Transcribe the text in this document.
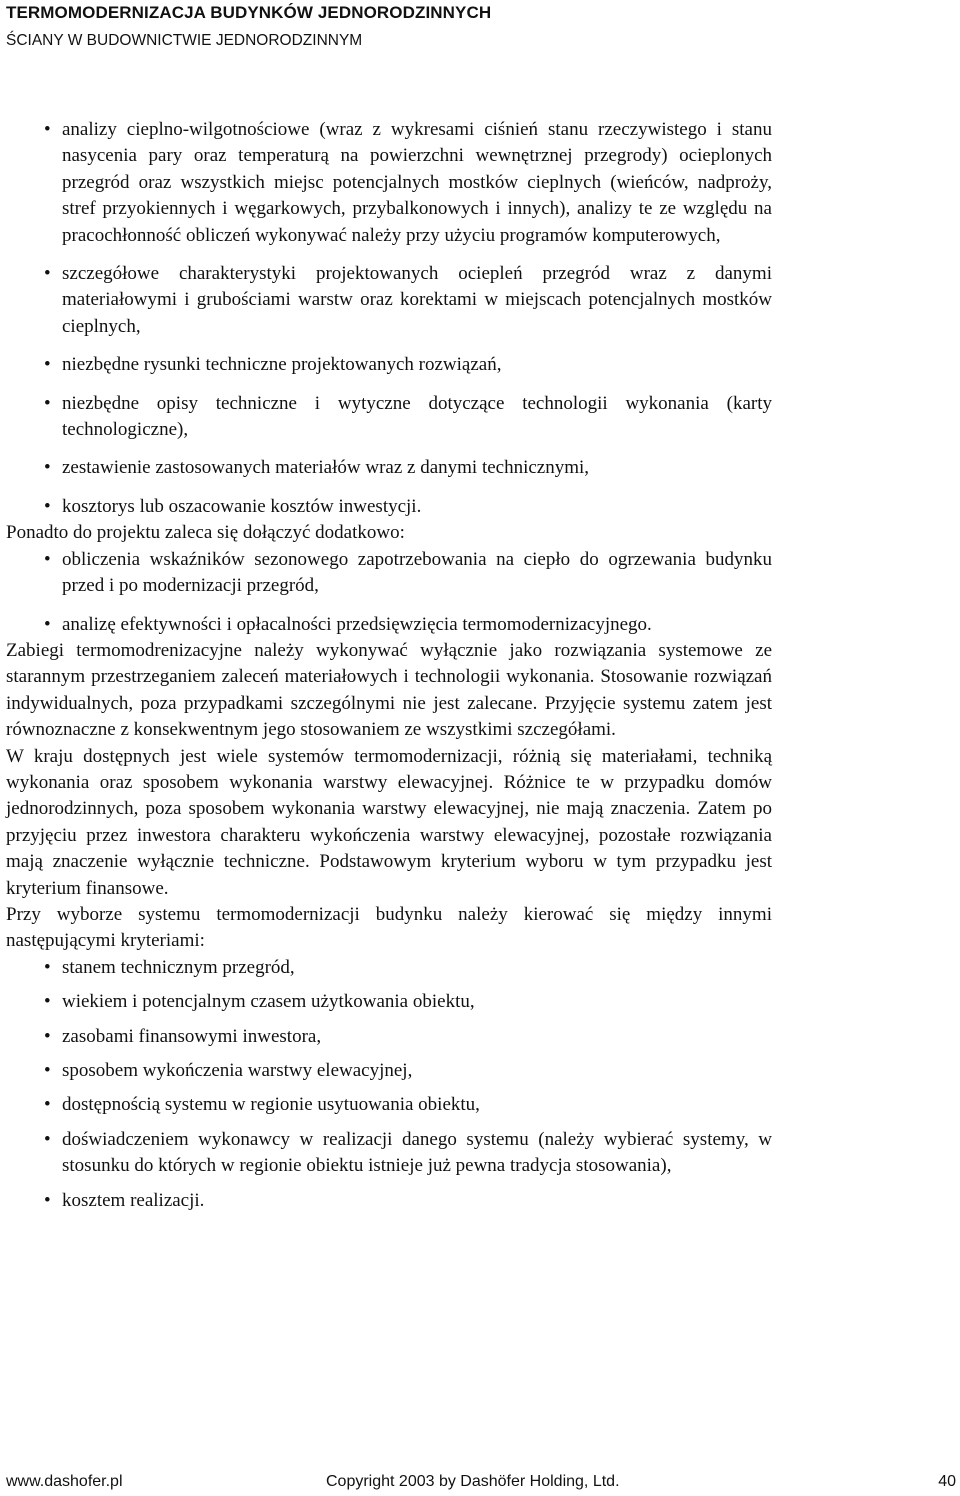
TERMOMODERNIZACJA BUDYNKÓW JEDNORODZINNYCH
ŚCIANY W BUDOWNICTWIE JEDNORODZINNYM
• analizy cieplno-wilgotnościowe (wraz z wykresami ciśnień stanu rzeczywistego i stanu nasycenia pary oraz temperaturą na powierzchni wewnętrznej przegrody) ocieplonych przegród oraz wszystkich miejsc potencjalnych mostków cieplnych (wieńców, nadproży, stref przyokiennych i węgarkowych, przybalkonowych i innych), analizy te ze względu na pracochłonność obliczeń wykonywać należy przy użyciu programów komputerowych,
• szczegółowe charakterystyki projektowanych ociepleń przegród wraz z danymi materiałowymi i grubościami warstw oraz korektami w miejscach potencjalnych mostków cieplnych,
• niezbędne rysunki techniczne projektowanych rozwiązań,
• niezbędne opisy techniczne i wytyczne dotyczące technologii wykonania (karty technologiczne),
• zestawienie zastosowanych materiałów wraz z danymi technicznymi,
• kosztorys lub oszacowanie kosztów inwestycji.

Ponadto do projektu zaleca się dołączyć dodatkowo:

• obliczenia wskaźników sezonowego zapotrzebowania na ciepło do ogrzewania budynku przed i po modernizacji przegród,
• analizę efektywności i opłacalności przedsięwzięcia termomodernizacyjnego.

Zabiegi termomodrenizacyjne należy wykonywać wyłącznie jako rozwiązania systemowe ze starannym przestrzeganiem zaleceń materiałowych i technologii wykonania. Stosowanie rozwiązań indywidualnych, poza przypadkami szczególnymi nie jest zalecane. Przyjęcie systemu zatem jest równoznaczne z konsekwentnym jego stosowaniem ze wszystkimi szczegółami.

W kraju dostępnych jest wiele systemów termomodernizacji, różnią się materiałami, techniką wykonania oraz sposobem wykonania warstwy elewacyjnej. Różnice te w przypadku domów jednorodzinnych, poza sposobem wykonania warstwy elewacyjnej, nie mają znaczenia. Zatem po przyjęciu przez inwestora charakteru wykończenia warstwy elewacyjnej, pozostałe rozwiązania mają znaczenie wyłącznie techniczne. Podstawowym kryterium wyboru w tym przypadku jest kryterium finansowe.

Przy wyborze systemu termomodernizacji budynku należy kierować się między innymi następującymi kryteriami:

• stanem technicznym przegród,
• wiekiem i potencjalnym czasem użytkowania obiektu,
• zasobami finansowymi inwestora,
• sposobem wykończenia warstwy elewacyjnej,
• dostępnością systemu w regionie usytuowania obiektu,
• doświadczeniem wykonawcy w realizacji danego systemu (należy wybierać systemy, w stosunku do których w regionie obiektu istnieje już pewna tradycja stosowania),
• kosztem realizacji.
www.dashofer.pl	Copyright 2003 by Dashöfer Holding, Ltd.	40
